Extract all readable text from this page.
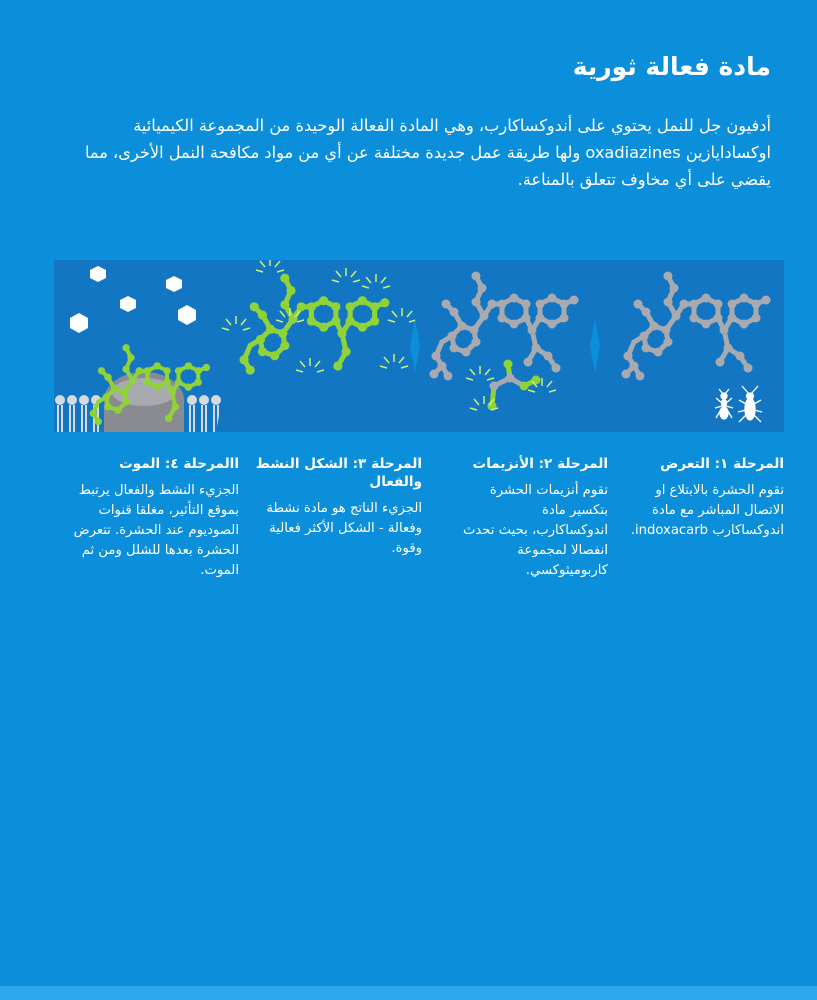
مادة فعالة ثورية

أدفيون جل للنمل يحتوي على أندوكساكارب، وهي المادة الفعالة الوحيدة من المجموعة الكيميائية اوكسادايازين oxadiazines ولها طريقة عمل جديدة مختلفة عن أي من مواد مكافحة النمل الأخرى، مما يقضي على أي مخاوف تتعلق بالمناعة.

المرحلة ١: التعرض

تقوم الحشرة بالابتلاع او الاتصال المباشر مع مادة اندوكساكارب indoxacarb.

المرحلة ٢: الأنزيمات

تقوم أنزيمات الحشرة بتكسير مادة اندوكساكارب، بحيث تحدث انفصالا لمجموعة كاربوميثوكسي.

المرحلة ٣: الشكل النشط والفعال

الجزيء الناتج هو مادة نشطة وفعالة - الشكل الأكثر فعالية وقوة.

االمرحلة ٤: الموت

الجزيء النشط والفعال يرتبط بموقع التأثير، مغلقا قنوات الصوديوم عند الحشرة. تتعرض الحشرة بعدها للشلل ومن ثم الموت.
